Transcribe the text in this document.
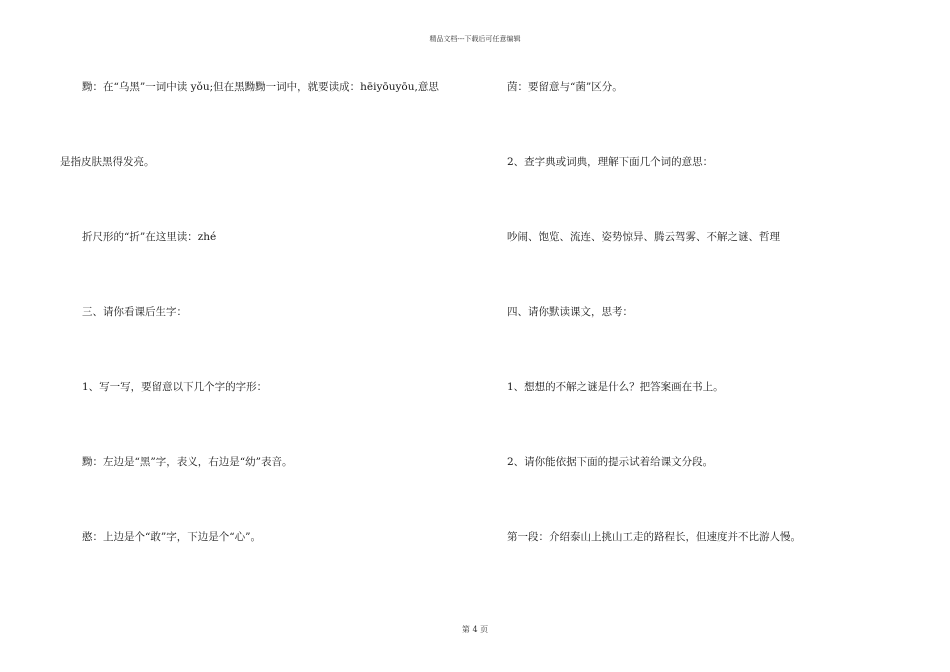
精品文档---下载后可任意编辑
黝：在“乌黑”一词中读 yǒu;但在黑黝黝一词中，就要读成：hēiyōuyōu,意思
是指皮肤黑得发亮。
折尺形的“折”在这里读：zhé
三、请你看课后生字：
1、写一写，要留意以下几个字的字形：
黝：左边是“黑”字，表义，右边是“幼”表音。
憨：上边是个“敢”字，下边是个“心”。
茵：要留意与“菌”区分。
2、查字典或词典，理解下面几个词的意思：
吵闹、饱览、流连、姿势惊异、腾云驾雾、不解之谜、哲理
四、请你默读课文，思考：
1、想想的不解之谜是什么？把答案画在书上。
2、请你能依据下面的提示试着给课文分段。
第一段：介绍泰山上挑山工走的路程长，但速度并不比游人慢。
第 4 页
